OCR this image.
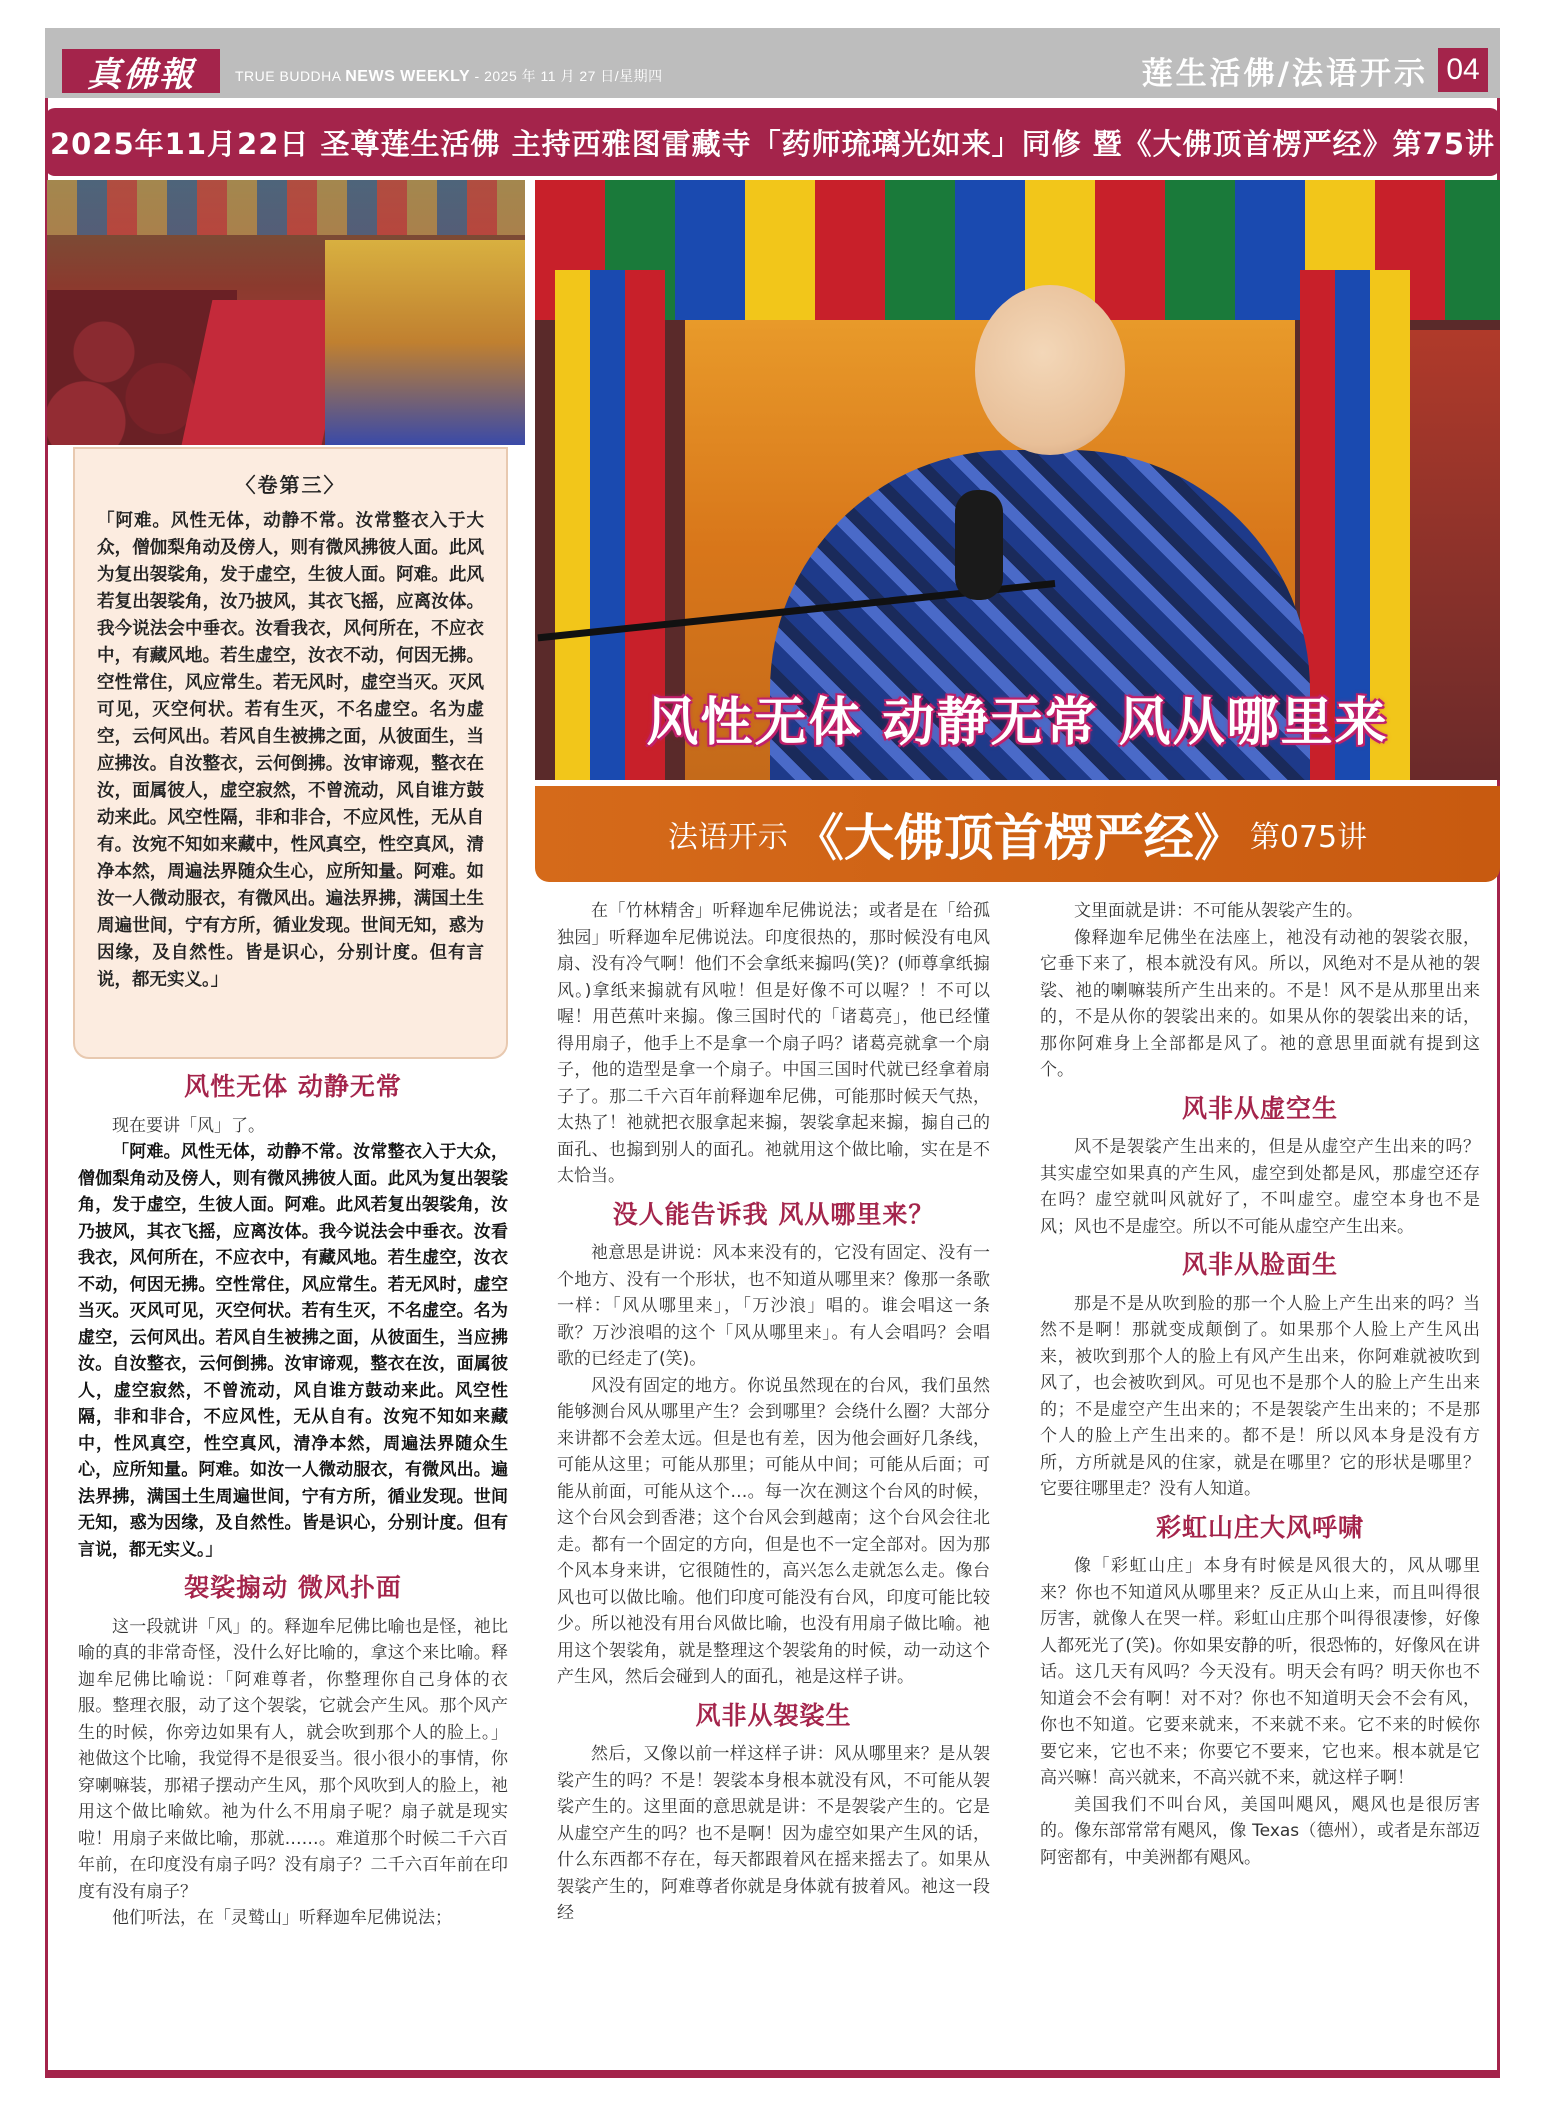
真佛報	TRUE BUDDHA NEWS WEEKLY - 2025 年 11 月 27 日/星期四	莲生活佛/法语开示 04
2025年11月22日 圣尊莲生活佛 主持西雅图雷藏寺「药师琉璃光如来」同修 暨《大佛顶首楞严经》第75讲
风性无体 动静无常 风从哪里来
法语开示 《大佛顶首楞严经》 第075讲
〈卷第三〉

「阿难。风性无体，动静不常。汝常整衣入于大众，僧伽梨角动及傍人，则有微风拂彼人面。此风为复出袈裟角，发于虚空，生彼人面。阿难。此风若复出袈裟角，汝乃披风，其衣飞摇，应离汝体。我今说法会中垂衣。汝看我衣，风何所在，不应衣中，有藏风地。若生虚空，汝衣不动，何因无拂。空性常住，风应常生。若无风时，虚空当灭。灭风可见，灭空何状。若有生灭，不名虚空。名为虚空，云何风出。若风自生被拂之面，从彼面生，当应拂汝。自汝整衣，云何倒拂。汝审谛观，整衣在汝，面属彼人，虚空寂然，不曾流动，风自谁方鼓动来此。风空性隔，非和非合，不应风性，无从自有。汝宛不知如来藏中，性风真空，性空真风，清净本然，周遍法界随众生心，应所知量。阿难。如汝一人微动服衣，有微风出。遍法界拂，满国土生周遍世间，宁有方所，循业发现。世间无知，惑为因缘，及自然性。皆是识心，分别计度。但有言说，都无实义。」

风性无体 动静无常

现在要讲「风」了。

「阿难。风性无体，动静不常。汝常整衣入于大众，僧伽梨角动及傍人，则有微风拂彼人面。此风为复出袈裟角，发于虚空，生彼人面。阿难。此风若复出袈裟角，汝乃披风，其衣飞摇，应离汝体。我今说法会中垂衣。汝看我衣，风何所在，不应衣中，有藏风地。若生虚空，汝衣不动，何因无拂。空性常住，风应常生。若无风时，虚空当灭。灭风可见，灭空何状。若有生灭，不名虚空。名为虚空，云何风出。若风自生被拂之面，从彼面生，当应拂汝。自汝整衣，云何倒拂。汝审谛观，整衣在汝，面属彼人，虚空寂然，不曾流动，风自谁方鼓动来此。风空性隔，非和非合，不应风性，无从自有。汝宛不知如来藏中，性风真空，性空真风，清净本然，周遍法界随众生心，应所知量。阿难。如汝一人微动服衣，有微风出。遍法界拂，满国土生周遍世间，宁有方所，循业发现。世间无知，惑为因缘，及自然性。皆是识心，分别计度。但有言说，都无实义。」

袈裟搧动 微风扑面

这一段就讲「风」的。释迦牟尼佛比喻也是怪，祂比喻的真的非常奇怪，没什么好比喻的，拿这个来比喻。释迦牟尼佛比喻说：「阿难尊者，你整理你自己身体的衣服。整理衣服，动了这个袈裟，它就会产生风。那个风产生的时候，你旁边如果有人，就会吹到那个人的脸上。」祂做这个比喻，我觉得不是很妥当。很小很小的事情，你穿喇嘛装，那裙子摆动产生风，那个风吹到人的脸上，祂用这个做比喻欸。祂为什么不用扇子呢？扇子就是现实啦！用扇子来做比喻，那就……。难道那个时候二千六百年前，在印度没有扇子吗？没有扇子？二千六百年前在印度有没有扇子？

他们听法，在「灵鹫山」听释迦牟尼佛说法；

在「竹林精舍」听释迦牟尼佛说法；或者是在「给孤独园」听释迦牟尼佛说法。印度很热的，那时候没有电风扇、没有冷气啊！他们不会拿纸来搧吗(笑)？(师尊拿纸搧风。)拿纸来搧就有风啦！但是好像不可以喔？！不可以喔！用芭蕉叶来搧。像三国时代的「诸葛亮」，他已经懂得用扇子，他手上不是拿一个扇子吗？诸葛亮就拿一个扇子，他的造型是拿一个扇子。中国三国时代就已经拿着扇子了。那二千六百年前释迦牟尼佛，可能那时候天气热，太热了！祂就把衣服拿起来搧，袈裟拿起来搧，搧自己的面孔、也搧到别人的面孔。祂就用这个做比喻，实在是不太恰当。

没人能告诉我 风从哪里来？

祂意思是讲说：风本来没有的，它没有固定、没有一个地方、没有一个形状，也不知道从哪里来？像那一条歌一样：「风从哪里来」，「万沙浪」唱的。谁会唱这一条歌？万沙浪唱的这个「风从哪里来」。有人会唱吗？会唱歌的已经走了(笑)。

风没有固定的地方。你说虽然现在的台风，我们虽然能够测台风从哪里产生？会到哪里？会绕什么圈？大部分来讲都不会差太远。但是也有差，因为他会画好几条线，可能从这里；可能从那里；可能从中间；可能从后面；可能从前面，可能从这个…。每一次在测这个台风的时候，这个台风会到香港；这个台风会到越南；这个台风会往北走。都有一个固定的方向，但是也不一定全部对。因为那个风本身来讲，它很随性的，高兴怎么走就怎么走。像台风也可以做比喻。他们印度可能没有台风，印度可能比较少。所以祂没有用台风做比喻，也没有用扇子做比喻。祂用这个袈裟角，就是整理这个袈裟角的时候，动一动这个产生风，然后会碰到人的面孔，祂是这样子讲。

风非从袈裟生

然后，又像以前一样这样子讲：风从哪里来？是从袈裟产生的吗？不是！袈裟本身根本就没有风，不可能从袈裟产生的。这里面的意思就是讲：不是袈裟产生的。它是从虚空产生的吗？也不是啊！因为虚空如果产生风的话，什么东西都不存在，每天都跟着风在摇来摇去了。如果从袈裟产生的，阿难尊者你就是身体就有披着风。祂这一段经

文里面就是讲：不可能从袈裟产生的。

像释迦牟尼佛坐在法座上，祂没有动祂的袈裟衣服，它垂下来了，根本就没有风。所以，风绝对不是从祂的袈裟、祂的喇嘛装所产生出来的。不是！风不是从那里出来的，不是从你的袈裟出来的。如果从你的袈裟出来的话，那你阿难身上全部都是风了。祂的意思里面就有提到这个。

风非从虚空生

风不是袈裟产生出来的，但是从虚空产生出来的吗？其实虚空如果真的产生风，虚空到处都是风，那虚空还存在吗？虚空就叫风就好了，不叫虚空。虚空本身也不是风；风也不是虚空。所以不可能从虚空产生出来。

风非从脸面生

那是不是从吹到脸的那一个人脸上产生出来的吗？当然不是啊！那就变成颠倒了。如果那个人脸上产生风出来，被吹到那个人的脸上有风产生出来，你阿难就被吹到风了，也会被吹到风。可见也不是那个人的脸上产生出来的；不是虚空产生出来的；不是袈裟产生出来的；不是那个人的脸上产生出来的。都不是！所以风本身是没有方所，方所就是风的住家，就是在哪里？它的形状是哪里？它要往哪里走？没有人知道。

彩虹山庄大风呼啸

像「彩虹山庄」本身有时候是风很大的，风从哪里来？你也不知道风从哪里来？反正从山上来，而且叫得很厉害，就像人在哭一样。彩虹山庄那个叫得很凄惨，好像人都死光了(笑)。你如果安静的听，很恐怖的，好像风在讲话。这几天有风吗？今天没有。明天会有吗？明天你也不知道会不会有啊！对不对？你也不知道明天会不会有风，你也不知道。它要来就来，不来就不来。它不来的时候你要它来，它也不来；你要它不要来，它也来。根本就是它高兴嘛！高兴就来，不高兴就不来，就这样子啊！

美国我们不叫台风，美国叫飓风，飓风也是很厉害的。像东部常常有飓风，像 Texas（德州），或者是东部迈阿密都有，中美洲都有飓风。
